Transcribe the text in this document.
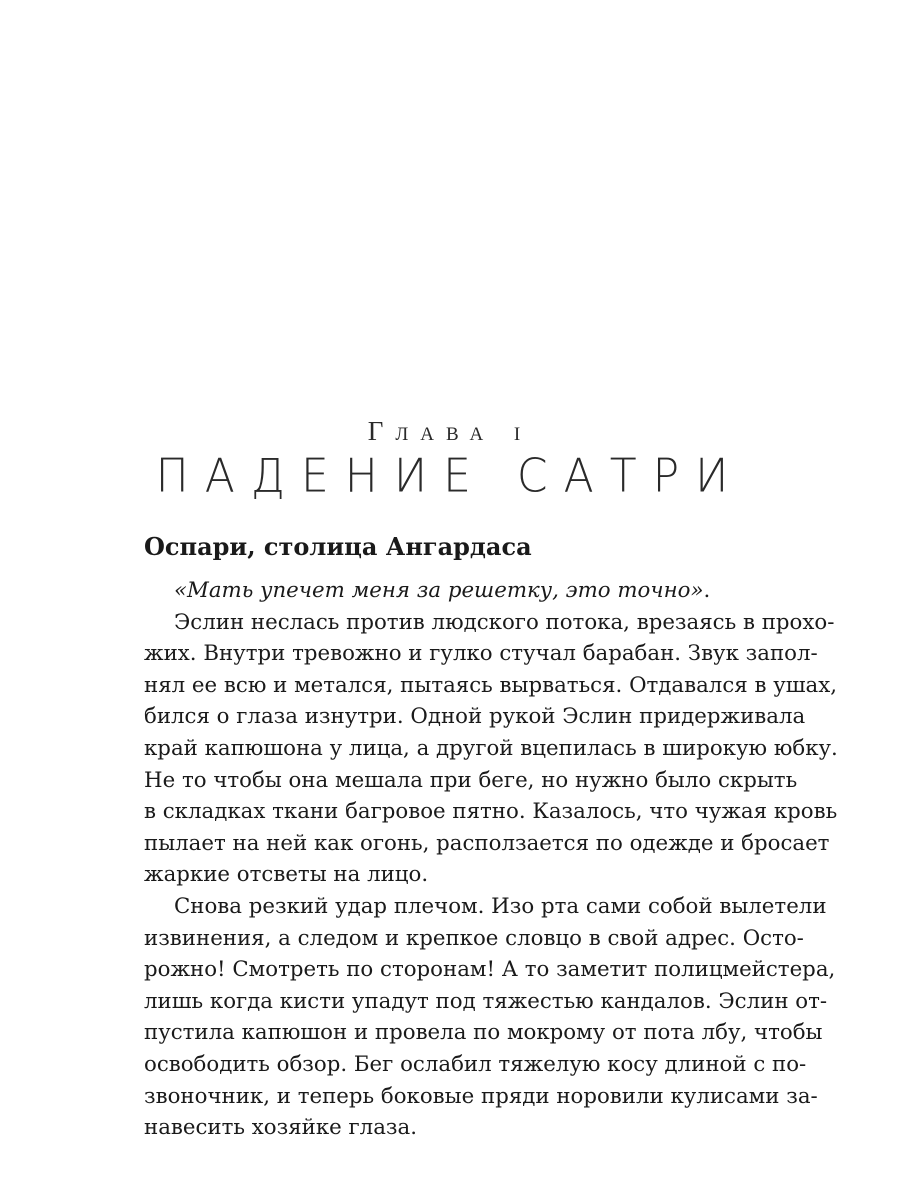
Глава i
ПАДЕНИЕ САТРИ
Оспари, столица Ангардаса
«Мать упечет меня за решетку, это точно».
Эслин неслась против людского потока, врезаясь в прохо-
жих. Внутри тревожно и гулко стучал барабан. Звук запол-
нял ее всю и метался, пытаясь вырваться. Отдавался в ушах,
бился о глаза изнутри. Одной рукой Эслин придерживала
край капюшона у лица, а другой вцепилась в широкую юбку.
Не то чтобы она мешала при беге, но нужно было скрыть
в складках ткани багровое пятно. Казалось, что чужая кровь
пылает на ней как огонь, расползается по одежде и бросает
жаркие отсветы на лицо.
Снова резкий удар плечом. Изо рта сами собой вылетели
извинения, а следом и крепкое словцо в свой адрес. Осто-
рожно! Смотреть по сторонам! А то заметит полицмейстера,
лишь когда кисти упадут под тяжестью кандалов. Эслин от-
пустила капюшон и провела по мокрому от пота лбу, чтобы
освободить обзор. Бег ослабил тяжелую косу длиной с по-
звоночник, и теперь боковые пряди норовили кулисами за-
навесить хозяйке глаза.
